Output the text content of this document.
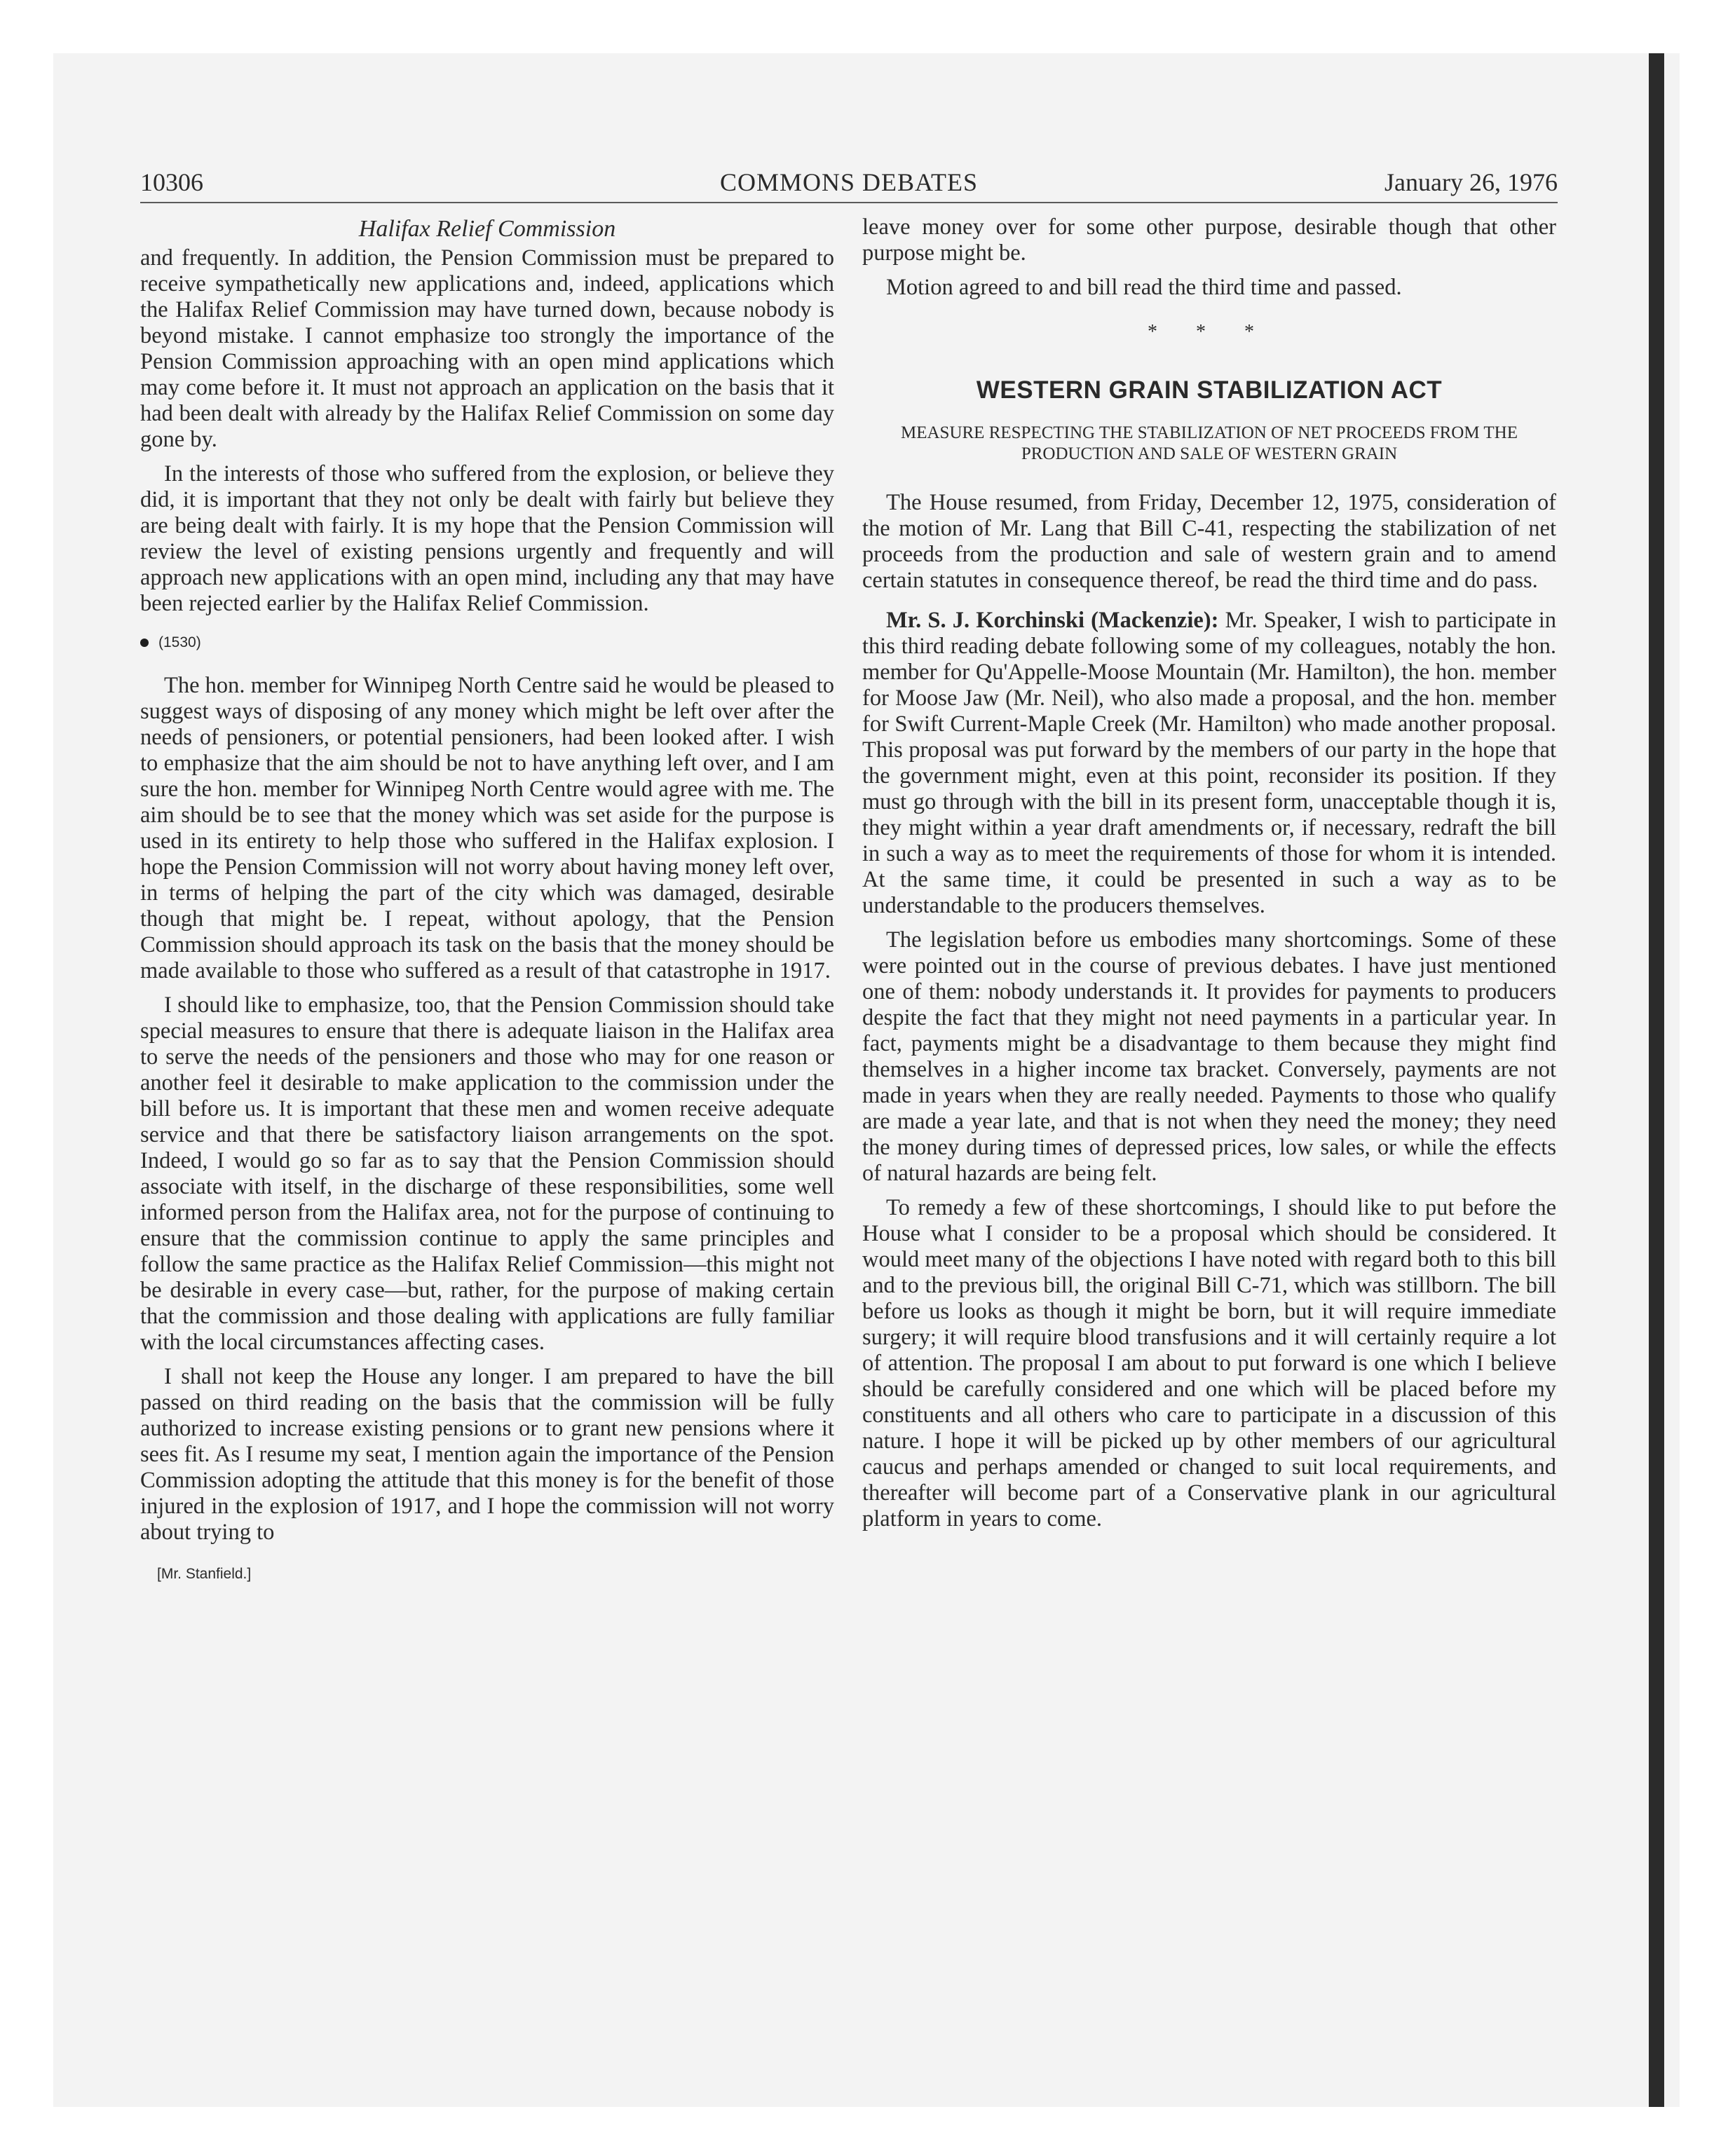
10306	COMMONS DEBATES	January 26, 1976
Halifax Relief Commission

and frequently. In addition, the Pension Commission must be prepared to receive sympathetically new applications and, indeed, applications which the Halifax Relief Commission may have turned down, because nobody is beyond mistake. I cannot emphasize too strongly the importance of the Pension Commission approaching with an open mind applications which may come before it. It must not approach an application on the basis that it had been dealt with already by the Halifax Relief Commission on some day gone by.

In the interests of those who suffered from the explosion, or believe they did, it is important that they not only be dealt with fairly but believe they are being dealt with fairly. It is my hope that the Pension Commission will review the level of existing pensions urgently and frequently and will approach new applications with an open mind, including any that may have been rejected earlier by the Halifax Relief Commission.

(1530)

The hon. member for Winnipeg North Centre said he would be pleased to suggest ways of disposing of any money which might be left over after the needs of pensioners, or potential pensioners, had been looked after. I wish to emphasize that the aim should be not to have anything left over, and I am sure the hon. member for Winnipeg North Centre would agree with me. The aim should be to see that the money which was set aside for the purpose is used in its entirety to help those who suffered in the Halifax explosion. I hope the Pension Commission will not worry about having money left over, in terms of helping the part of the city which was damaged, desirable though that might be. I repeat, without apology, that the Pension Commission should approach its task on the basis that the money should be made available to those who suffered as a result of that catastrophe in 1917.

I should like to emphasize, too, that the Pension Commission should take special measures to ensure that there is adequate liaison in the Halifax area to serve the needs of the pensioners and those who may for one reason or another feel it desirable to make application to the commission under the bill before us. It is important that these men and women receive adequate service and that there be satisfactory liaison arrangements on the spot. Indeed, I would go so far as to say that the Pension Commission should associate with itself, in the discharge of these responsibilities, some well informed person from the Halifax area, not for the purpose of continuing to ensure that the commission continue to apply the same principles and follow the same practice as the Halifax Relief Commission—this might not be desirable in every case—but, rather, for the purpose of making certain that the commission and those dealing with applications are fully familiar with the local circumstances affecting cases.

I shall not keep the House any longer. I am prepared to have the bill passed on third reading on the basis that the commission will be fully authorized to increase existing pensions or to grant new pensions where it sees fit. As I resume my seat, I mention again the importance of the Pension Commission adopting the attitude that this money is for the benefit of those injured in the explosion of 1917, and I hope the commission will not worry about trying to

[Mr. Stanfield.]

leave money over for some other purpose, desirable though that other purpose might be.

Motion agreed to and bill read the third time and passed.

* * *
WESTERN GRAIN STABILIZATION ACT
MEASURE RESPECTING THE STABILIZATION OF NET PROCEEDS FROM THE PRODUCTION AND SALE OF WESTERN GRAIN

The House resumed, from Friday, December 12, 1975, consideration of the motion of Mr. Lang that Bill C-41, respecting the stabilization of net proceeds from the production and sale of western grain and to amend certain statutes in consequence thereof, be read the third time and do pass.

Mr. S. J. Korchinski (Mackenzie): Mr. Speaker, I wish to participate in this third reading debate following some of my colleagues, notably the hon. member for Qu'Appelle-Moose Mountain (Mr. Hamilton), the hon. member for Moose Jaw (Mr. Neil), who also made a proposal, and the hon. member for Swift Current-Maple Creek (Mr. Hamilton) who made another proposal. This proposal was put forward by the members of our party in the hope that the government might, even at this point, reconsider its position. If they must go through with the bill in its present form, unacceptable though it is, they might within a year draft amendments or, if necessary, redraft the bill in such a way as to meet the requirements of those for whom it is intended. At the same time, it could be presented in such a way as to be understandable to the producers themselves.

The legislation before us embodies many shortcomings. Some of these were pointed out in the course of previous debates. I have just mentioned one of them: nobody understands it. It provides for payments to producers despite the fact that they might not need payments in a particular year. In fact, payments might be a disadvantage to them because they might find themselves in a higher income tax bracket. Conversely, payments are not made in years when they are really needed. Payments to those who qualify are made a year late, and that is not when they need the money; they need the money during times of depressed prices, low sales, or while the effects of natural hazards are being felt.

To remedy a few of these shortcomings, I should like to put before the House what I consider to be a proposal which should be considered. It would meet many of the objections I have noted with regard both to this bill and to the previous bill, the original Bill C-71, which was stillborn. The bill before us looks as though it might be born, but it will require immediate surgery; it will require blood transfusions and it will certainly require a lot of attention. The proposal I am about to put forward is one which I believe should be carefully considered and one which will be placed before my constituents and all others who care to participate in a discussion of this nature. I hope it will be picked up by other members of our agricultural caucus and perhaps amended or changed to suit local requirements, and thereafter will become part of a Conservative plank in our agricultural platform in years to come.
